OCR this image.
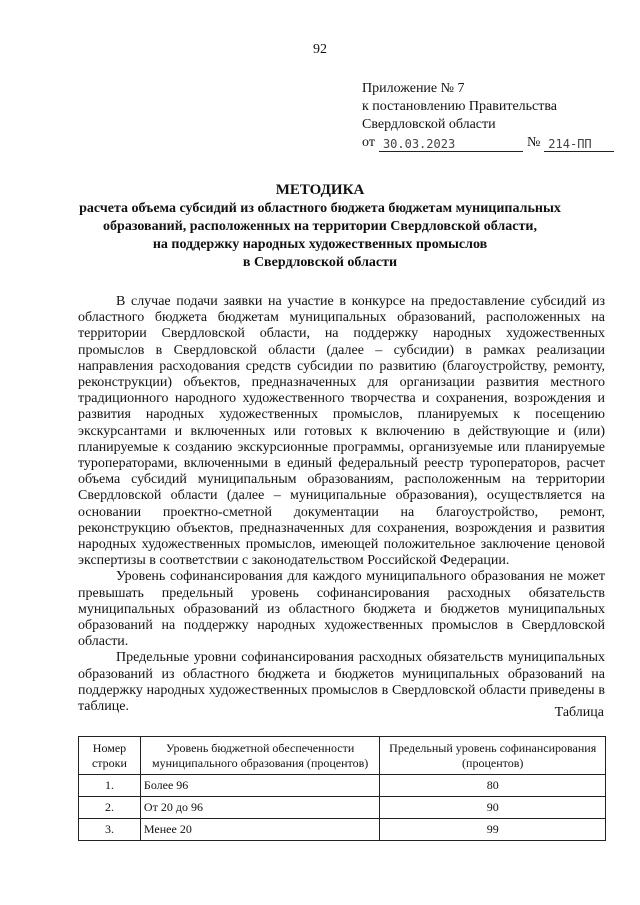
92
Приложение № 7
к постановлению Правительства
Свердловской области
от 30.03.2023	№ 214-ПП
МЕТОДИКА
расчета объема субсидий из областного бюджета бюджетам муниципальных
образований, расположенных на территории Свердловской области,
на поддержку народных художественных промыслов
в Свердловской области

В случае подачи заявки на участие в конкурсе на предоставление субсидий из областного бюджета бюджетам муниципальных образований, расположенных на территории Свердловской области, на поддержку народных художественных промыслов в Свердловской области (далее – субсидии) в рамках реализации направления расходования средств субсидии по развитию (благоустройству, ремонту, реконструкции) объектов, предназначенных для организации развития местного традиционного народного художественного творчества и сохранения, возрождения и развития народных художественных промыслов, планируемых к посещению экскурсантами и включенных или готовых к включению в действующие и (или) планируемые к созданию экскурсионные программы, организуемые или планируемые туроператорами, включенными в единый федеральный реестр туроператоров, расчет объема субсидий муниципальным образованиям, расположенным на территории Свердловской области (далее – муниципальные образования), осуществляется на основании проектно-сметной документации на благоустройство, ремонт, реконструкцию объектов, предназначенных для сохранения, возрождения и развития народных художественных промыслов, имеющей положительное заключение ценовой экспертизы в соответствии с законодательством Российской Федерации.

Уровень софинансирования для каждого муниципального образования не может превышать предельный уровень софинансирования расходных обязательств муниципальных образований из областного бюджета и бюджетов муниципальных образований на поддержку народных художественных промыслов в Свердловской области.

Предельные уровни софинансирования расходных обязательств муниципальных образований из областного бюджета и бюджетов муниципальных образований на поддержку народных художественных промыслов в Свердловской области приведены в таблице.	Таблица
Номер строки	Уровень бюджетной обеспеченности муниципального образования (процентов)	Предельный уровень софинансирования (процентов)
1.	Более 96	80
2.	От 20 до 96	90
3.	Менее 20	99
